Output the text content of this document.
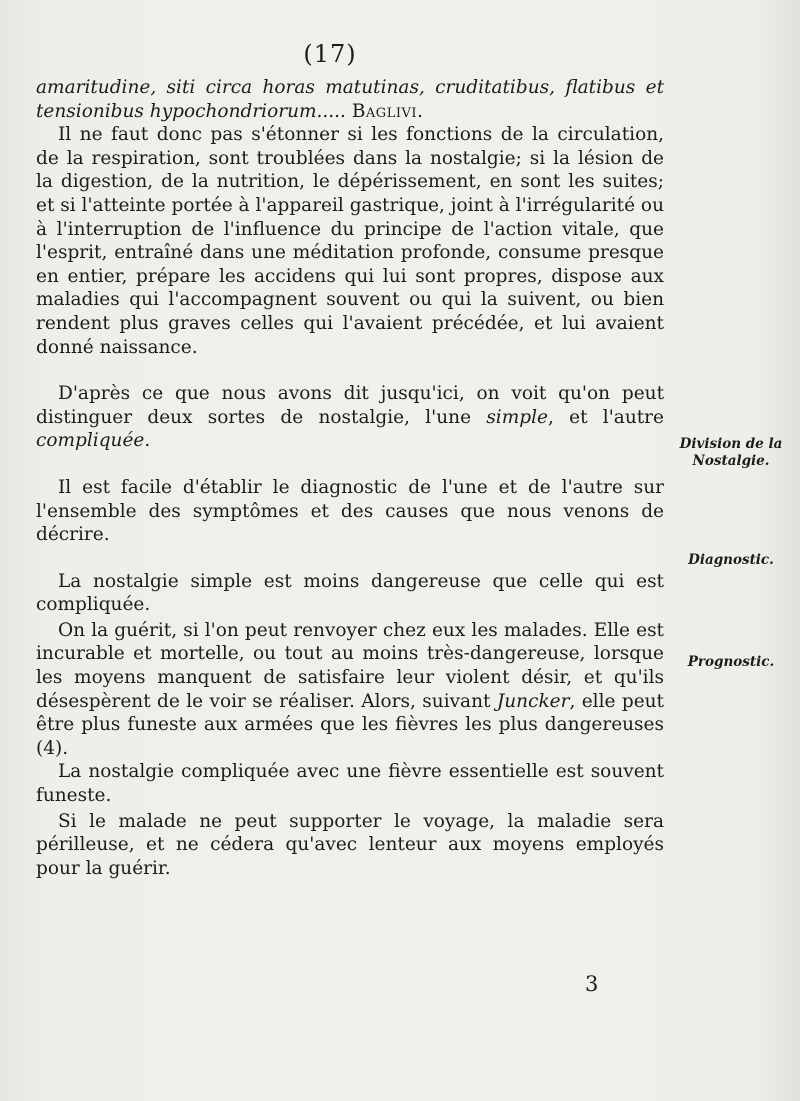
(17)

amaritudine, siti circa horas matutinas, cruditatibus, flatibus et tensionibus hypochondriorum..... Baglivi.

Il ne faut donc pas s'étonner si les fonctions de la circulation, de la respiration, sont troublées dans la nostalgie; si la lésion de la digestion, de la nutrition, le dépérissement, en sont les suites; et si l'atteinte portée à l'appareil gastrique, joint à l'irrégularité ou à l'interruption de l'influence du principe de l'action vitale, que l'esprit, entraîné dans une méditation profonde, consume presque en entier, prépare les accidens qui lui sont propres, dispose aux maladies qui l'accompagnent souvent ou qui la suivent, ou bien rendent plus graves celles qui l'avaient précédée, et lui avaient donné naissance.

D'après ce que nous avons dit jusqu'ici, on voit qu'on peut distinguer deux sortes de nostalgie, l'une simple, et l'autre compliquée.

Il est facile d'établir le diagnostic de l'une et de l'autre sur l'ensemble des symptômes et des causes que nous venons de décrire.

La nostalgie simple est moins dangereuse que celle qui est compliquée.

On la guérit, si l'on peut renvoyer chez eux les malades. Elle est incurable et mortelle, ou tout au moins très-dangereuse, lorsque les moyens manquent de satisfaire leur violent désir, et qu'ils désespèrent de le voir se réaliser. Alors, suivant Juncker, elle peut être plus funeste aux armées que les fièvres les plus dangereuses (4).

La nostalgie compliquée avec une fièvre essentielle est souvent funeste.

Si le malade ne peut supporter le voyage, la maladie sera périlleuse, et ne cédera qu'avec lenteur aux moyens employés pour la guérir.

Division de la Nostalgie.
Diagnostic.
Prognostic.
3
